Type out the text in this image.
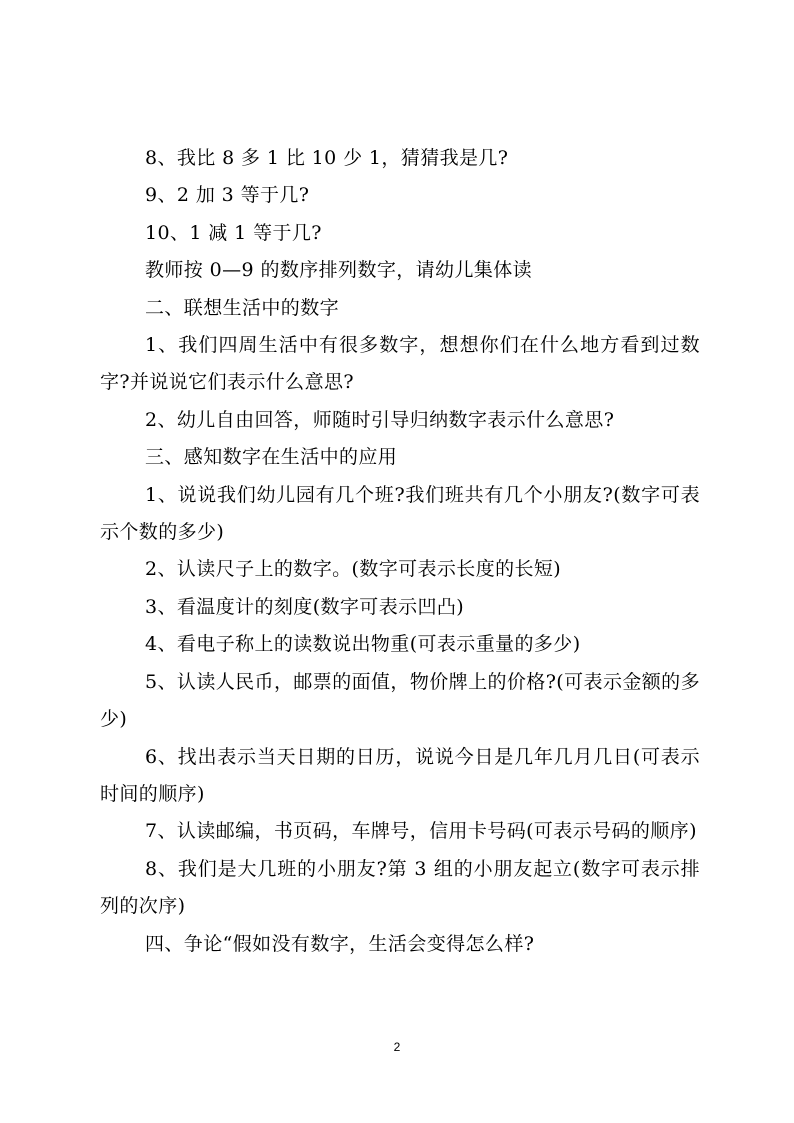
8、我比 8 多 1 比 10 少 1，猜猜我是几?

9、2 加 3 等于几?

10、1 减 1 等于几?

教师按 0—9 的数序排列数字，请幼儿集体读

二、联想生活中的数字

1、我们四周生活中有很多数字，想想你们在什么地方看到过数字?并说说它们表示什么意思?

2、幼儿自由回答，师随时引导归纳数字表示什么意思?

三、感知数字在生活中的应用

1、说说我们幼儿园有几个班?我们班共有几个小朋友?(数字可表示个数的多少)

2、认读尺子上的数字。(数字可表示长度的长短)

3、看温度计的刻度(数字可表示凹凸)

4、看电子称上的读数说出物重(可表示重量的多少)

5、认读人民币，邮票的面值，物价牌上的价格?(可表示金额的多少)

6、找出表示当天日期的日历，说说今日是几年几月几日(可表示时间的顺序)

7、认读邮编，书页码，车牌号，信用卡号码(可表示号码的顺序)

8、我们是大几班的小朋友?第 3 组的小朋友起立(数字可表示排列的次序)

四、争论“假如没有数字，生活会变得怎么样?

2
